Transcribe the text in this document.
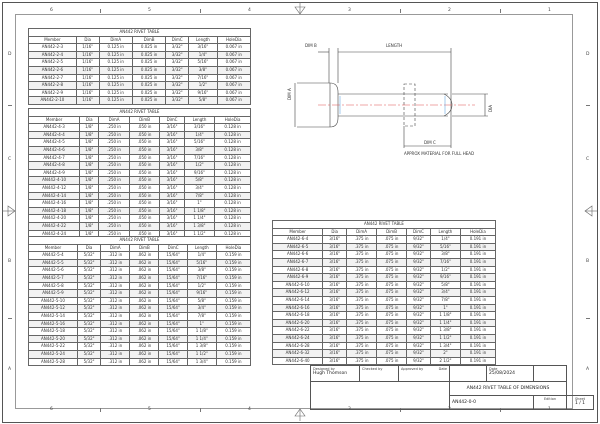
6	5	4	3	2	1
6	5	4	3	2	1
D	D
C	C
B	B
A	A
AN442 RIVET TABLE						
Member	Dia	DimA	DimB	DimC	Length	HoleDia
AN442-2-3	1/16"	0.125 in	0.025 in	3/32"	3/16"	0.067 in
AN442-2-4	1/16"	0.125 in	0.025 in	3/32"	1/4"	0.067 in
AN442-2-5	1/16"	0.125 in	0.025 in	3/32"	5/16"	0.067 in
AN442-2-6	1/16"	0.125 in	0.025 in	3/32"	3/8"	0.067 in
AN442-2-7	1/16"	0.125 in	0.025 in	3/32"	7/16"	0.067 in
AN442-2-8	1/16"	0.125 in	0.025 in	3/32"	1/2"	0.067 in
AN442-2-9	1/16"	0.125 in	0.025 in	3/32"	9/16"	0.067 in
AN442-2-10	1/16"	0.125 in	0.025 in	3/32"	5/8"	0.067 in
AN442 RIVET TABLE						
Member	Dia	DimA	DimB	DimC	Length	HoleDia
AN442-4-3	1/8"	.250 in	.050 in	3/16"	3/16"	0.128 in
AN442-4-4	1/8"	.250 in	.050 in	3/16"	1/4"	0.128 in
AN442-4-5	1/8"	.250 in	.050 in	3/16"	5/16"	0.128 in
AN442-4-6	1/8"	.250 in	.050 in	3/16"	3/8"	0.128 in
AN442-4-7	1/8"	.250 in	.050 in	3/16"	7/16"	0.128 in
AN442-4-8	1/8"	.250 in	.050 in	3/16"	1/2"	0.128 in
AN442-4-9	1/8"	.250 in	.050 in	3/16"	9/16"	0.128 in
AN442-4-10	1/8"	.250 in	.050 in	3/16"	5/8"	0.128 in
AN442-4-12	1/8"	.250 in	.050 in	3/16"	3/4"	0.128 in
AN442-4-14	1/8"	.250 in	.050 in	3/16"	7/8"	0.128 in
AN442-4-16	1/8"	.250 in	.050 in	3/16"	1"	0.128 in
AN442-4-18	1/8"	.250 in	.050 in	3/16"	1 1/8"	0.128 in
AN442-4-20	1/8"	.250 in	.050 in	3/16"	1 1/4"	0.128 in
AN442-4-22	1/8"	.250 in	.050 in	3/16"	1 3/8"	0.128 in
AN442-4-24	1/8"	.250 in	.050 in	3/16"	1 1/2"	0.128 in
AN442 RIVET TABLE						
Member	Dia	DimA	DimB	DimC	Length	HoleDia
AN442-5-4	5/32"	.312 in	.062 in	15/64"	1/4"	0.159 in
AN442-5-5	5/32"	.312 in	.062 in	15/64"	5/16"	0.159 in
AN442-5-6	5/32"	.312 in	.062 in	15/64"	3/8"	0.159 in
AN442-5-7	5/32"	.312 in	.062 in	15/64"	7/16"	0.159 in
AN442-5-8	5/32"	.312 in	.062 in	15/64"	1/2"	0.159 in
AN442-5-9	5/32"	.312 in	.062 in	15/64"	9/16"	0.159 in
AN442-5-10	5/32"	.312 in	.062 in	15/64"	5/8"	0.159 in
AN442-5-12	5/32"	.312 in	.062 in	15/64"	3/4"	0.159 in
AN442-5-14	5/32"	.312 in	.062 in	15/64"	7/8"	0.159 in
AN442-5-16	5/32"	.312 in	.062 in	15/64"	1"	0.159 in
AN442-5-18	5/32"	.312 in	.062 in	15/64"	1 1/8"	0.159 in
AN442-5-20	5/32"	.312 in	.062 in	15/64"	1 1/4"	0.159 in
AN442-5-22	5/32"	.312 in	.062 in	15/64"	1 3/8"	0.159 in
AN442-5-24	5/32"	.312 in	.062 in	15/64"	1 1/2"	0.159 in
AN442-5-28	5/32"	.312 in	.062 in	15/64"	1 3/4"	0.159 in
AN442 RIVET TABLE						
Member	Dia	DimA	DimB	DimC	Length	HoleDia
AN442-6-4	3/16"	.375 in	.075 in	9/32"	1/4"	0.191 in
AN442-6-5	3/16"	.375 in	.075 in	9/32"	5/16"	0.191 in
AN442-6-6	3/16"	.375 in	.075 in	9/32"	3/8"	0.191 in
AN442-6-7	3/16"	.375 in	.075 in	9/32"	7/16"	0.191 in
AN442-6-8	3/16"	.375 in	.075 in	9/32"	1/2"	0.191 in
AN442-6-9	3/16"	.375 in	.075 in	9/32"	9/16"	0.191 in
AN442-6-10	3/16"	.375 in	.075 in	9/32"	5/8"	0.191 in
AN442-6-12	3/16"	.375 in	.075 in	9/32"	3/4"	0.191 in
AN442-6-14	3/16"	.375 in	.075 in	9/32"	7/8"	0.191 in
AN442-6-16	3/16"	.375 in	.075 in	9/32"	1"	0.191 in
AN442-6-18	3/16"	.375 in	.075 in	9/32"	1 1/8"	0.191 in
AN442-6-20	3/16"	.375 in	.075 in	9/32"	1 1/4"	0.191 in
AN442-6-22	3/16"	.375 in	.075 in	9/32"	1 3/8"	0.191 in
AN442-6-24	3/16"	.375 in	.075 in	9/32"	1 1/2"	0.191 in
AN442-6-28	3/16"	.375 in	.075 in	9/32"	1 3/4"	0.191 in
AN442-6-32	3/16"	.375 in	.075 in	9/32"	2"	0.191 in
AN442-6-40	3/16"	.375 in	.075 in	9/32"	2 1/2"	0.191 in
DIM B	LENGTH
DIM A
DIA
DIM C
APPROX MATERIAL FOR FULL HEAD
Designed by
Hugh Thomson	Checked by	Approved by Date		Date
25/08/2024		

			AN442 RIVET TABLE OF DIMENSIONS			

			AN442-0-0		Edition	Sheet
1 / 1
